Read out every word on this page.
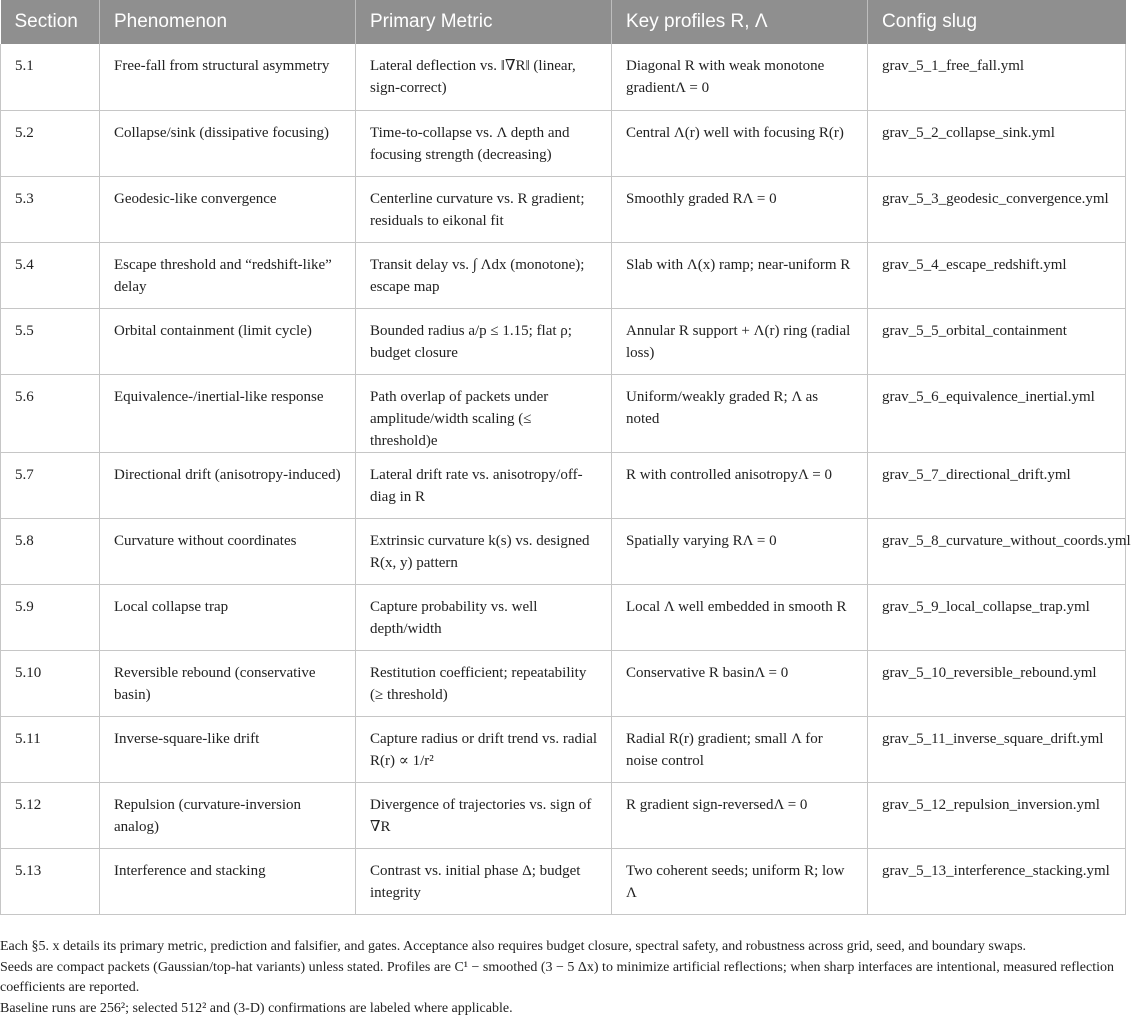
Section	Phenomenon	Primary Metric	Key profiles R, Λ	Config slug
5.1	Free-fall from structural asymmetry	Lateral deflection vs. ‖∇R‖ (linear, sign-correct)	Diagonal R with weak monotone gradientΛ = 0	grav_5_1_free_fall.yml
5.2	Collapse/sink (dissipative focusing)	Time-to-collapse vs. Λ depth and focusing strength (decreasing)	Central Λ(r) well with focusing R(r)	grav_5_2_collapse_sink.yml
5.3	Geodesic-like convergence	Centerline curvature vs. R gradient; residuals to eikonal fit	Smoothly graded RΛ = 0	grav_5_3_geodesic_convergence.yml
5.4	Escape threshold and “redshift-like” delay	Transit delay vs. ∫ Λdx (monotone); escape map	Slab with Λ(x) ramp; near-uniform R	grav_5_4_escape_redshift.yml
5.5	Orbital containment (limit cycle)	Bounded radius a/p ≤ 1.15; flat ρ; budget closure	Annular R support + Λ(r) ring (radial loss)	grav_5_5_orbital_containment
5.6	Equivalence-/inertial-like response	Path overlap of packets under amplitude/width scaling (≤ threshold)e	Uniform/weakly graded R; Λ as noted	grav_5_6_equivalence_inertial.yml
5.7	Directional drift (anisotropy-induced)	Lateral drift rate vs. anisotropy/off-diag in R	R with controlled anisotropyΛ = 0	grav_5_7_directional_drift.yml
5.8	Curvature without coordinates	Extrinsic curvature k(s) vs. designed R(x, y) pattern	Spatially varying RΛ = 0	grav_5_8_curvature_without_coords.yml
5.9	Local collapse trap	Capture probability vs. well depth/width	Local Λ well embedded in smooth R	grav_5_9_local_collapse_trap.yml
5.10	Reversible rebound (conservative basin)	Restitution coefficient; repeatability (≥ threshold)	Conservative R basinΛ = 0	grav_5_10_reversible_rebound.yml
5.11	Inverse-square-like drift	Capture radius or drift trend vs. radial R(r) ∝ 1/r²	Radial R(r) gradient; small Λ for noise control	grav_5_11_inverse_square_drift.yml
5.12	Repulsion (curvature-inversion analog)	Divergence of trajectories vs. sign of ∇R	R gradient sign-reversedΛ = 0	grav_5_12_repulsion_inversion.yml
5.13	Interference and stacking	Contrast vs. initial phase Δ; budget integrity	Two coherent seeds; uniform R; low Λ	grav_5_13_interference_stacking.yml
Each §5. x details its primary metric, prediction and falsifier, and gates. Acceptance also requires budget closure, spectral safety, and robustness across grid, seed, and boundary swaps.
Seeds are compact packets (Gaussian/top-hat variants) unless stated. Profiles are C¹ − smoothed (3 − 5 Δx) to minimize artificial reflections; when sharp interfaces are intentional, measured reflection coefficients are reported.
Baseline runs are 256²; selected 512² and (3-D) confirmations are labeled where applicable.
